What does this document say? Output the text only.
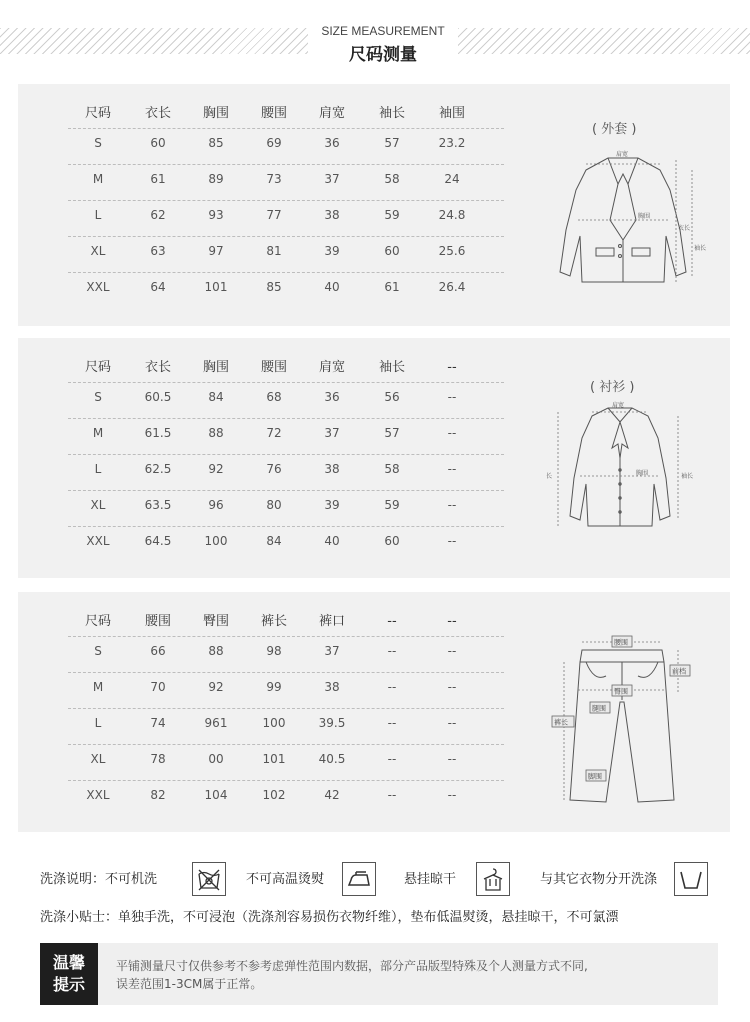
SIZE MEASUREMENT
尺码测量
尺码	衣长	胸围	腰围	肩宽	袖长	袖围
S	60	85	69	36	57	23.2
M	61	89	73	37	58	24
L	62	93	77	38	59	24.8
XL	63	97	81	39	60	25.6
XXL	64	101	85	40	61	26.4
( 外套 )
肩宽
胸围
衣长
袖长
尺码	衣长	胸围	腰围	肩宽	袖长	--
S	60.5	84	68	36	56	--
M	61.5	88	72	37	57	--
L	62.5	92	76	38	58	--
XL	63.5	96	80	39	59	--
XXL	64.5	100	84	40	60	--
( 衬衫 )
肩宽
胸围
长	袖长
尺码	腰围	臀围	裤长	裤口	--	--
S	66	88	98	37	--	--
M	70	92	99	38	--	--
L	74	961	100	39.5	--	--
XL	78	00	101	40.5	--	--
XXL	82	104	102	42	--	--
腰围
前档
臀围
腿围
裤长
脚围
洗涤说明：不可机洗	不可高温烫熨	悬挂晾干	与其它衣物分开洗涤
洗涤小贴士：单独手洗，不可浸泡（洗涤剂容易损伤衣物纤维），垫布低温熨烫，悬挂晾干，不可氯漂
温馨
提示
平铺测量尺寸仅供参考不参考虑弹性范围内数据，部分产品版型特殊及个人测量方式不同,
误差范围1-3CM属于正常。
